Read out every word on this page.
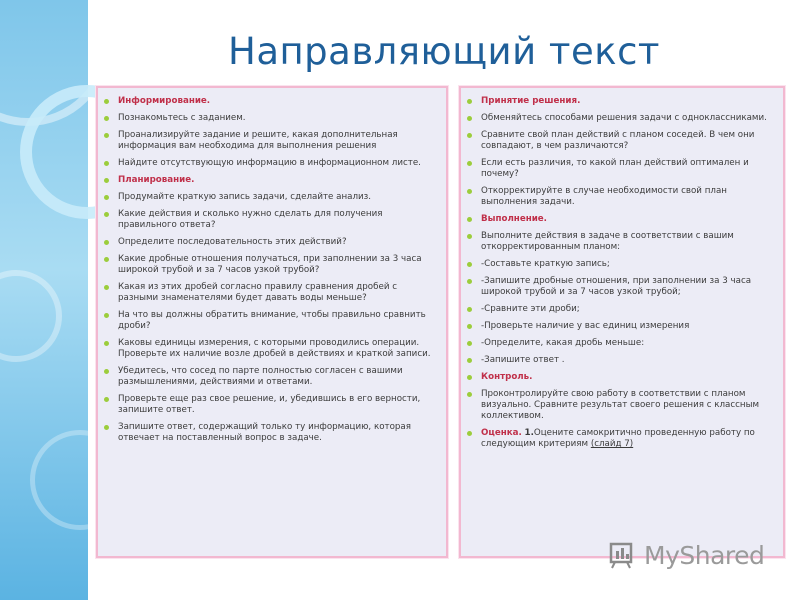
Направляющий текст
Информирование.
Познакомьтесь с заданием.
Проанализируйте задание и решите, какая дополнительная информация вам необходима для выполнения решения
Найдите отсутствующую информацию в информационном листе.
Планирование.
Продумайте краткую запись задачи, сделайте анализ.
Какие действия и сколько нужно сделать для получения правильного ответа?
Определите последовательность этих действий?
Какие дробные отношения получаться, при заполнении за 3 часа широкой трубой и за 7 часов узкой трубой?
Какая из этих дробей согласно правилу сравнения дробей с разными знаменателями будет давать воды меньше?
На что вы должны обратить внимание, чтобы правильно сравнить дроби?
Каковы единицы измерения, с которыми проводились операции. Проверьте их наличие возле дробей в действиях и краткой записи.
Убедитесь, что сосед по парте полностью согласен с вашими размышлениями, действиями и ответами.
Проверьте еще раз свое решение, и, убедившись в его верности, запишите ответ.
Запишите ответ, содержащий только ту информацию, которая отвечает на поставленный вопрос в задаче.
Принятие решения.
Обменяйтесь способами решения задачи с одноклассниками.
Сравните свой план действий с планом соседей. В чем они совпадают, в чем различаются?
Если есть различия, то какой план действий оптимален и почему?
Откорректируйте в случае необходимости свой план выполнения задачи.
Выполнение.
Выполните действия в задаче в соответствии с вашим откорректированным планом:
-Составьте краткую запись;
-Запишите дробные отношения, при заполнении за 3 часа широкой трубой и за 7 часов узкой трубой;
-Сравните эти дроби;
-Проверьте наличие у вас единиц измерения
-Определите, какая дробь меньше:
-Запишите ответ .
Контроль.
Проконтролируйте свою работу в соответствии с планом визуально. Сравните результат своего решения с классным коллективом.
Оценка. 1.Оцените самокритично проведенную работу по следующим критериям (слайд 7)
MyShared
